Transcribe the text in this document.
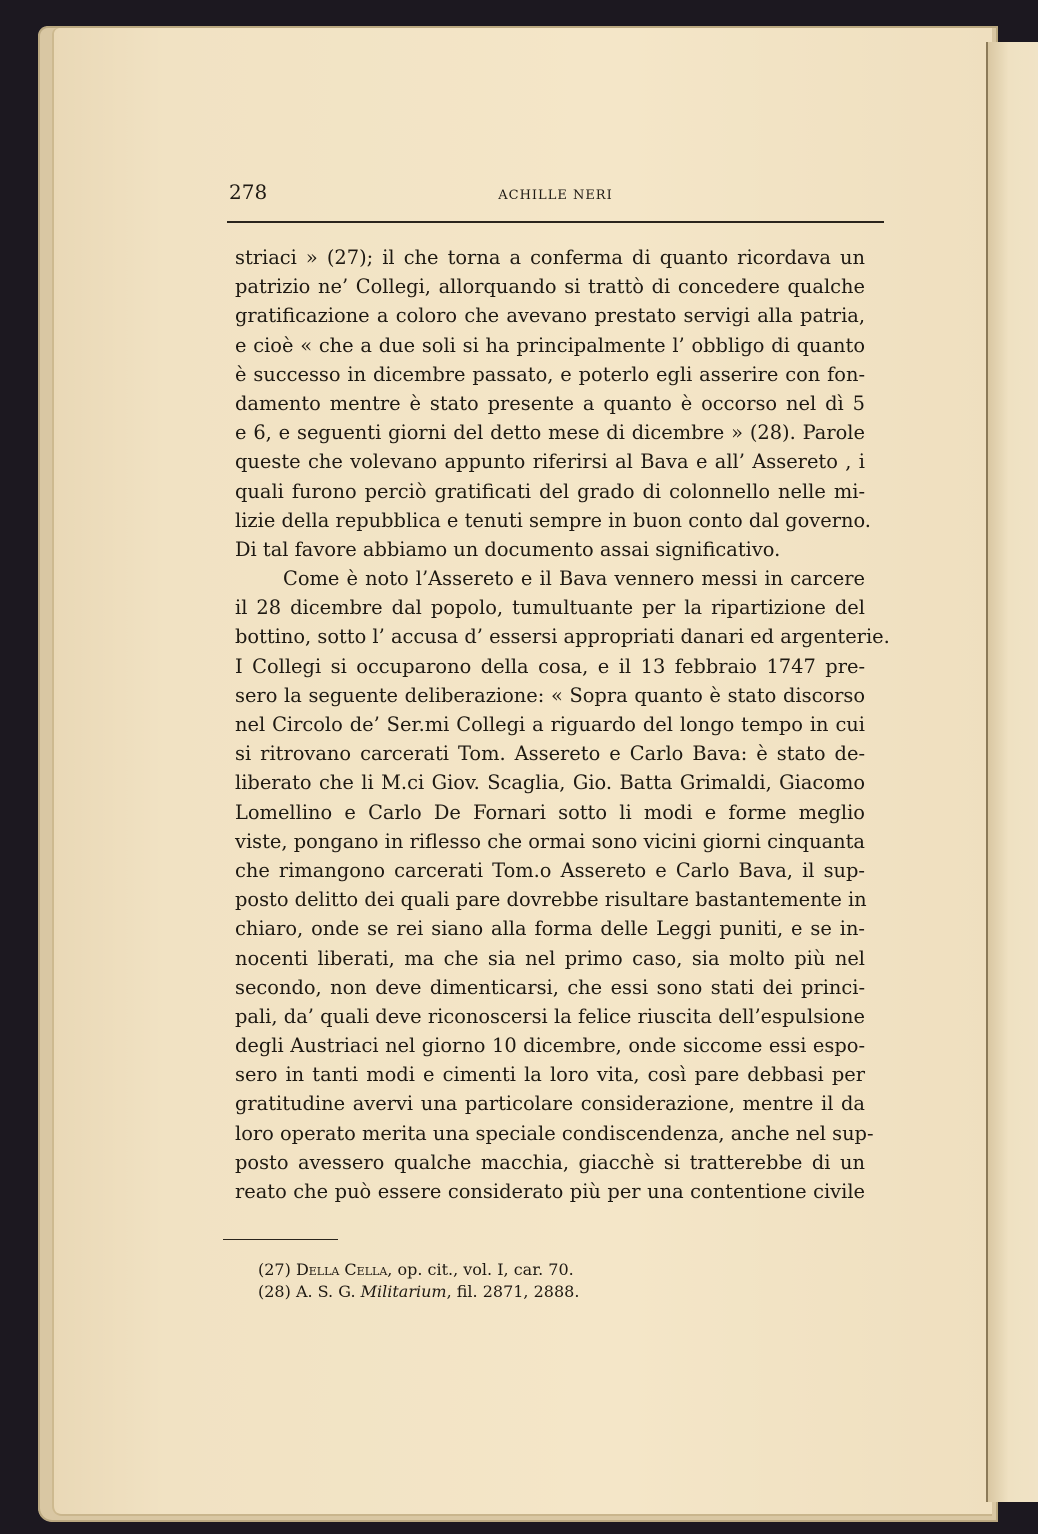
278	ACHILLE NERI
striaci » (27); il che torna a conferma di quanto ricordava un
patrizio ne’ Collegi, allorquando si trattò di concedere qualche
gratificazione a coloro che avevano prestato servigi alla patria,
e cioè « che a due soli si ha principalmente l’ obbligo di quanto
è successo in dicembre passato, e poterlo egli asserire con fon-
damento mentre è stato presente a quanto è occorso nel dì 5
e 6, e seguenti giorni del detto mese di dicembre » (28). Parole
queste che volevano appunto riferirsi al Bava e all’ Assereto , i
quali furono perciò gratificati del grado di colonnello nelle mi-
lizie della repubblica e tenuti sempre in buon conto dal governo.
Di tal favore abbiamo un documento assai significativo.
Come è noto l’Assereto e il Bava vennero messi in carcere
il 28 dicembre dal popolo, tumultuante per la ripartizione del
bottino, sotto l’ accusa d’ essersi appropriati danari ed argenterie.
I Collegi si occuparono della cosa, e il 13 febbraio 1747 pre-
sero la seguente deliberazione: « Sopra quanto è stato discorso
nel Circolo de’ Ser.mi Collegi a riguardo del longo tempo in cui
si ritrovano carcerati Tom. Assereto e Carlo Bava: è stato de-
liberato che li M.ci Giov. Scaglia, Gio. Batta Grimaldi, Giacomo
Lomellino e Carlo De Fornari sotto li modi e forme meglio
viste, pongano in riflesso che ormai sono vicini giorni cinquanta
che rimangono carcerati Tom.o Assereto e Carlo Bava, il sup-
posto delitto dei quali pare dovrebbe risultare bastantemente in
chiaro, onde se rei siano alla forma delle Leggi puniti, e se in-
nocenti liberati, ma che sia nel primo caso, sia molto più nel
secondo, non deve dimenticarsi, che essi sono stati dei princi-
pali, da’ quali deve riconoscersi la felice riuscita dell’espulsione
degli Austriaci nel giorno 10 dicembre, onde siccome essi espo-
sero in tanti modi e cimenti la loro vita, così pare debbasi per
gratitudine avervi una particolare considerazione, mentre il da
loro operato merita una speciale condiscendenza, anche nel sup-
posto avessero qualche macchia, giacchè si tratterebbe di un
reato che può essere considerato più per una contentione civile
(27) Della Cella, op. cit., vol. I, car. 70.
(28) A. S. G. Militarium, fil. 2871, 2888.
